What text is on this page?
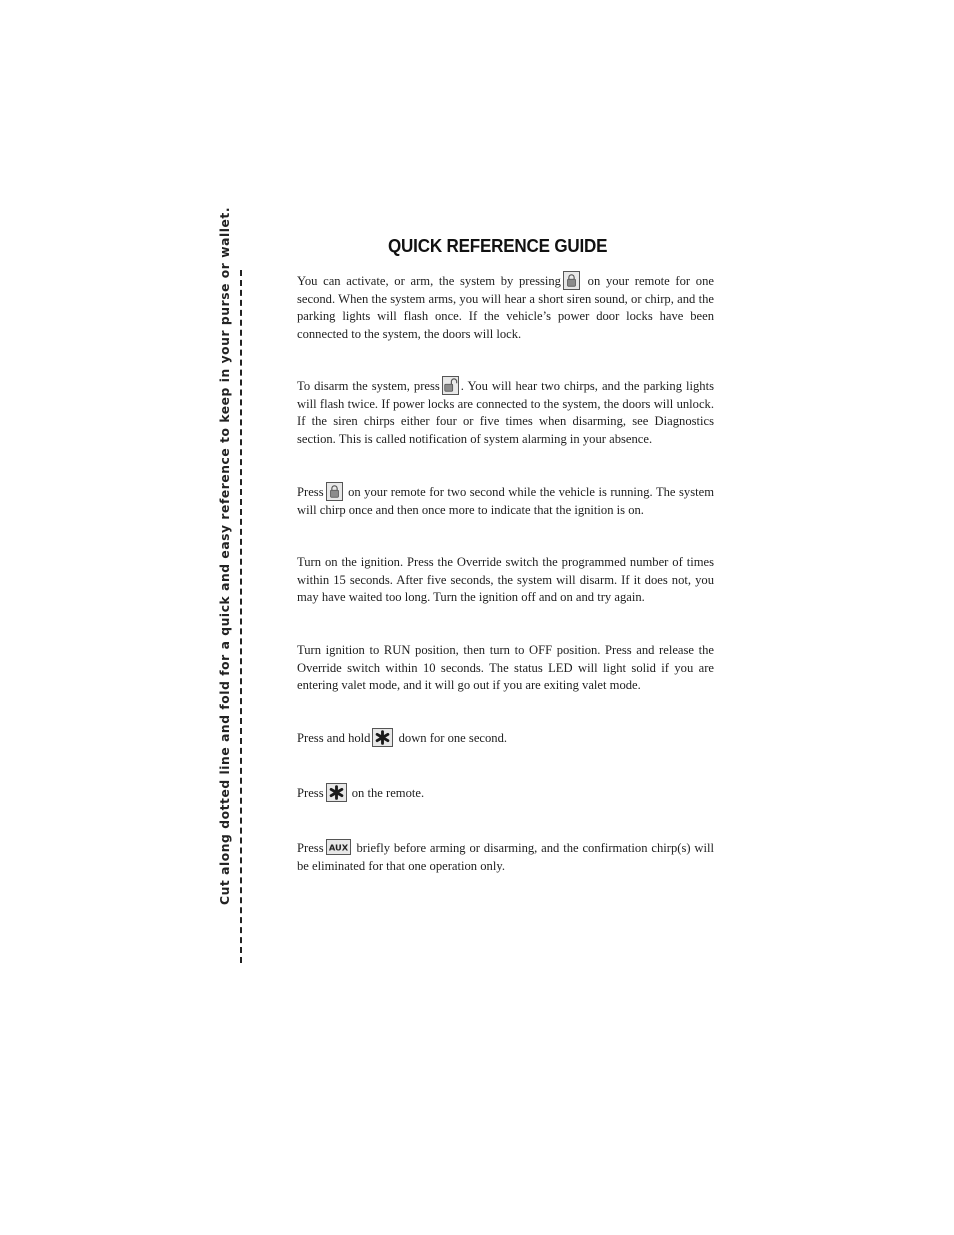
QUICK REFERENCE GUIDE
Cut along dotted line and fold for a quick and easy reference to keep in your purse or wallet.	You can activate, or arm, the system by pressing
on your remote for one second. When the system arms, you will hear a short siren sound, or chirp, and the parking lights will flash once. If the vehicle’s power door locks have been connected to the system, the doors will lock.

To disarm the system, press . You will hear two chirps, and the parking lights will flash twice. If power locks are connected to the system, the doors will unlock. If the siren chirps either four or five times when disarming, see Diagnostics section. This is called notification of system alarming in your absence.

Press
on your remote for two second while the vehicle is running. The system will chirp once and then once more to indicate that the ignition is on.

Turn on the ignition. Press the Override switch the programmed number of times within 15 seconds. After five seconds, the system will disarm. If it does not, you may have waited too long. Turn the ignition off and on and try again.

Turn ignition to RUN position, then turn to OFF position. Press and release the Override switch within 10 seconds. The status LED will light solid if you are entering valet mode, and it will go out if you are exiting valet mode.

Press and hold
down for one second.

Press
on the remote.

Press AUX briefly before arming or disarming, and the confirmation chirp(s) will be eliminated for that one operation only.
